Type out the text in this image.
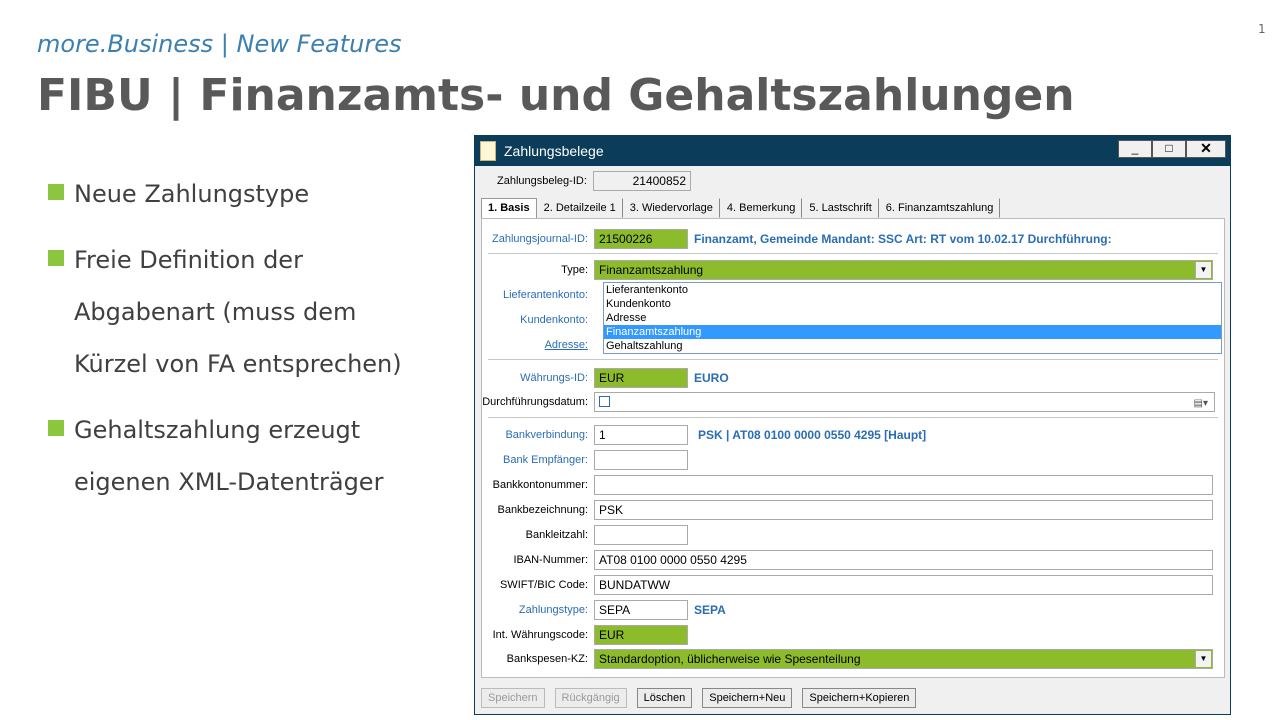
1
more.Business | New Features
FIBU | Finanzamts- und Gehaltszahlungen
Neue Zahlungstype
Freie Definition der
Abgabenart (muss dem
Kürzel von FA entsprechen)
Gehaltszahlung erzeugt
eigenen XML-Datenträger
Zahlungsbelege	_	□	✕
Zahlungsbeleg-ID:	21400852
1. Basis	2. Detailzeile 1	3. Wiedervorlage	4. Bemerkung	5. Lastschrift	6. Finanzamtszahlung
Zahlungsjournal-ID: 21500226	Finanzamt, Gemeinde Mandant: SSC Art: RT vom 10.02.17 Durchführung:
Type: Finanzamtszahlung	▼
Lieferantenkonto:
Kundenkonto:
Adresse:
Lieferantenkonto
Kundenkonto
Adresse
Finanzamtszahlung
Gehaltszahlung
Währungs-ID: EUR	EURO
Durchführungsdatum:	▤▾
Bankverbindung: 1	PSK | AT08 0100 0000 0550 4295 [Haupt]
Bank Empfänger:
Bankkontonummer:
Bankbezeichnung: PSK
Bankleitzahl:
IBAN-Nummer: AT08 0100 0000 0550 4295
SWIFT/BIC Code: BUNDATWW
Zahlungstype: SEPA	SEPA
Int. Währungscode: EUR
Bankspesen-KZ: Standardoption, üblicherweise wie Spesenteilung	▼
Speichern	Rückgängig	Löschen	Speichern+Neu	Speichern+Kopieren
